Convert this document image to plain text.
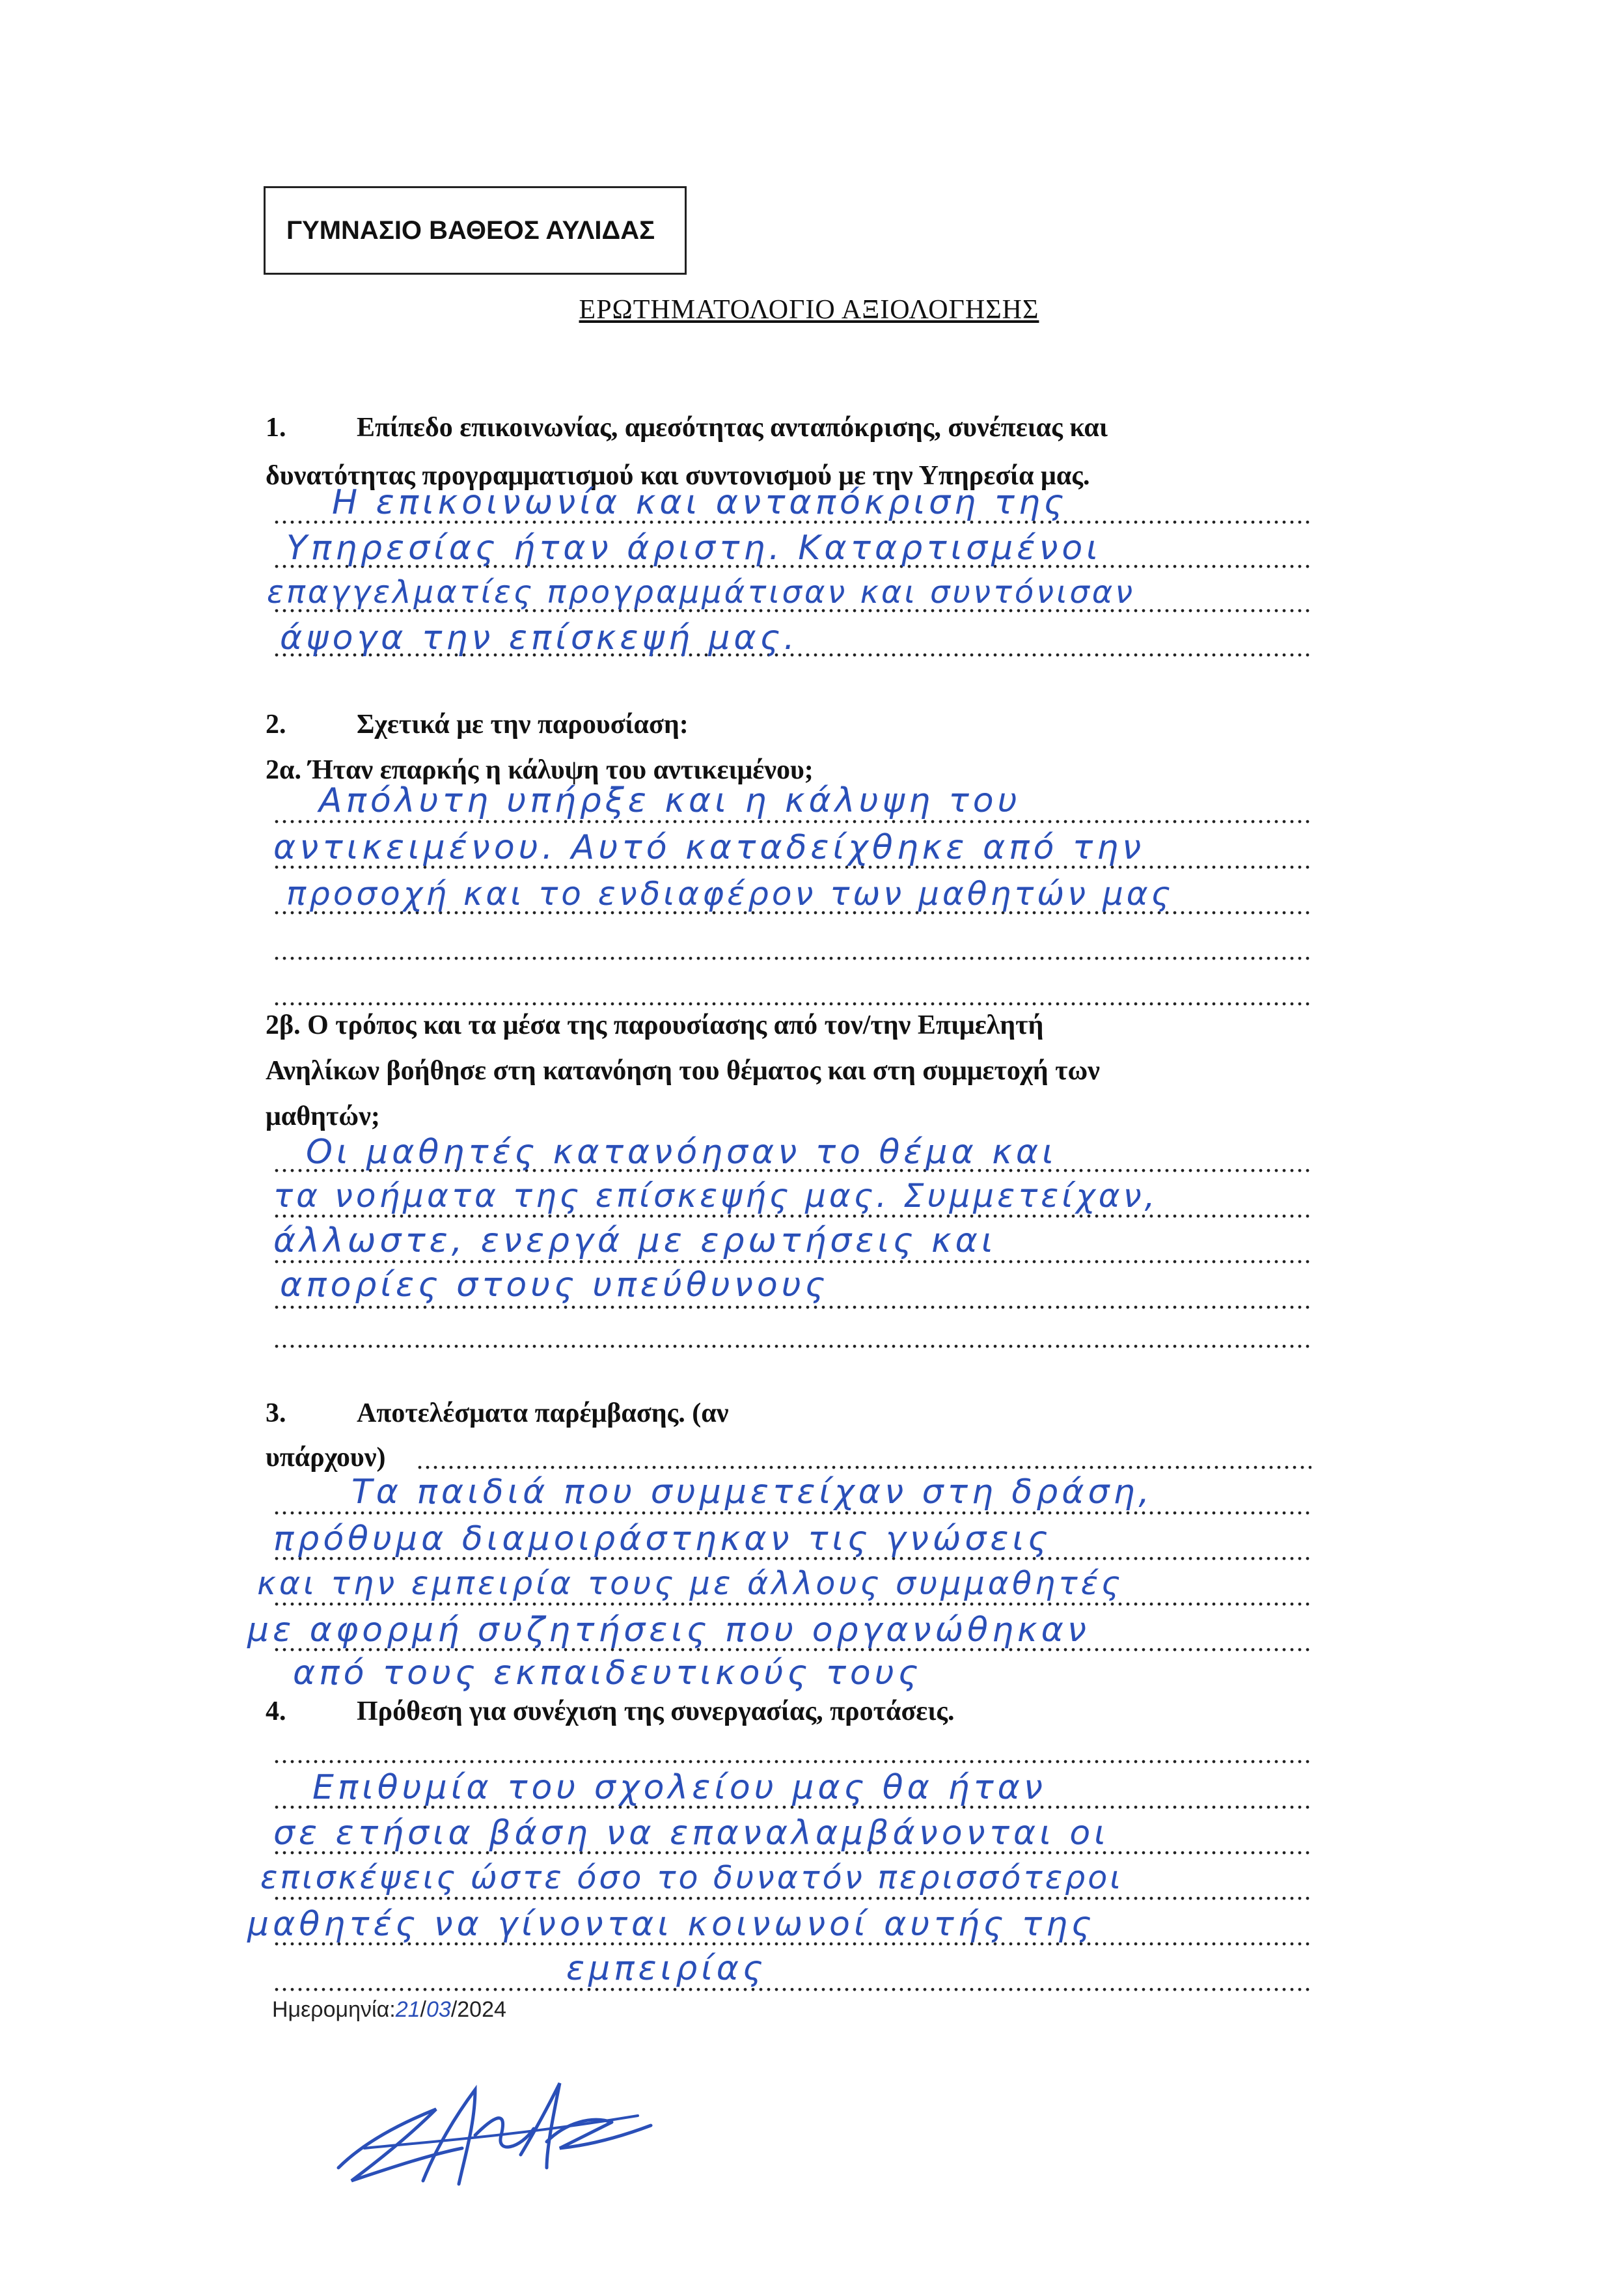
ΓΥΜΝΑΣΙΟ ΒΑΘΕΟΣ ΑΥΛΙΔΑΣ
ΕΡΩΤΗΜΑΤΟΛΟΓΙΟ ΑΞΙΟΛΟΓΗΣΗΣ
1.	Επίπεδο επικοινωνίας, αμεσότητας ανταπόκρισης, συνέπειας και
δυνατότητας προγραμματισμού και συντονισμού με την Υπηρεσία μας.
.....
.....
.....
.....
Η επικοινωνία και ανταπόκριση της
Υπηρεσίας ήταν άριστη. Καταρτισμένοι
επαγγελματίες προγραμμάτισαν και συντόνισαν
άψογα την επίσκεψή μας.
2.	Σχετικά με την παρουσίαση:
2α. Ήταν επαρκής η κάλυψη του αντικειμένου;
.....
.....
.....
.....
.....
Απόλυτη υπήρξε και η κάλυψη του
αντικειμένου. Αυτό καταδείχθηκε από την
προσοχή και το ενδιαφέρον των μαθητών μας
2β. Ο τρόπος και τα μέσα της παρουσίασης από τον/την Επιμελητή
Ανηλίκων βοήθησε στη κατανόηση του θέματος και στη συμμετοχή των
μαθητών;
.....
.....
.....
.....
.....
Οι μαθητές κατανόησαν το θέμα και
τα νοήματα της επίσκεψής μας. Συμμετείχαν,
άλλωστε, ενεργά με ερωτήσεις και
απορίες στους υπεύθυνους
3.	Αποτελέσματα παρέμβασης. (αν
υπάρχουν)
.....
.....
.....
.....
.....
Τα παιδιά που συμμετείχαν στη δράση,
πρόθυμα διαμοιράστηκαν τις γνώσεις
και την εμπειρία τους με άλλους συμμαθητές
με αφορμή συζητήσεις που οργανώθηκαν
από τους εκπαιδευτικούς τους
4.	Πρόθεση για συνέχιση της συνεργασίας, προτάσεις.
.....
.....
.....
.....
.....
.....
Επιθυμία του σχολείου μας θα ήταν
σε ετήσια βάση να επαναλαμβάνονται οι
επισκέψεις ώστε όσο το δυνατόν περισσότεροι
μαθητές να γίνονται κοινωνοί αυτής της
εμπειρίας
Ημερομηνία:21/03/2024
